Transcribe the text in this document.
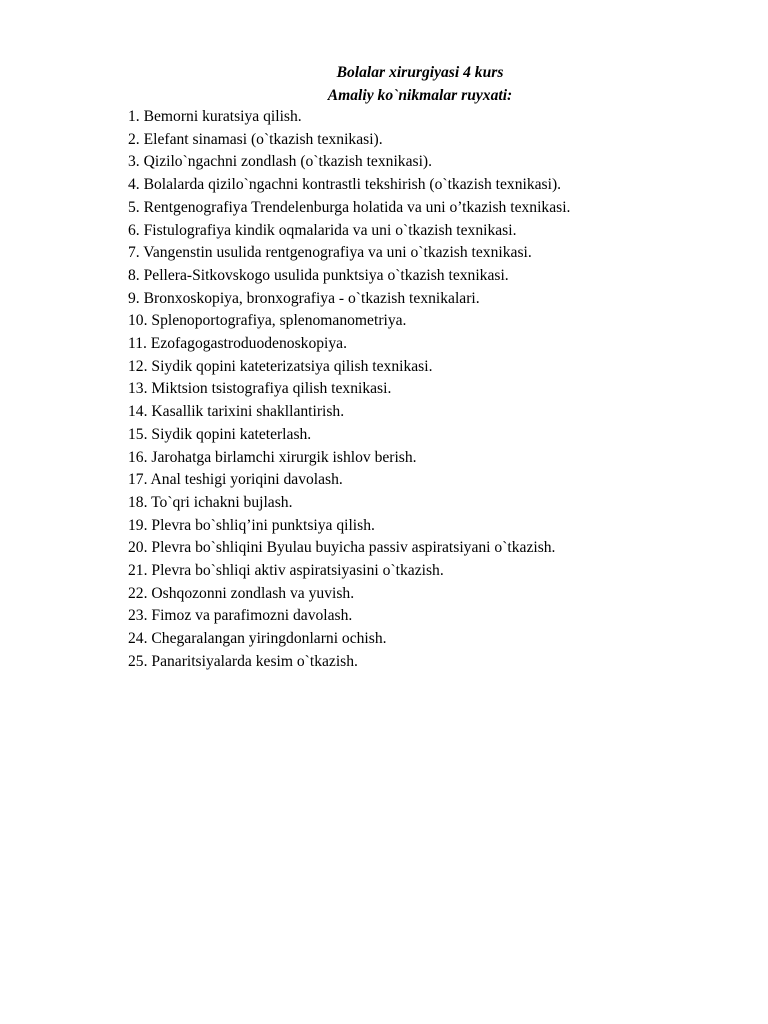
Bolalar xirurgiyasi 4 kurs
Amaliy ko`nikmalar ruyxati:
1. Bemorni kuratsiya qilish.
2. Elefant sinamasi (o`tkazish texnikasi).
3. Qizilo`ngachni zondlash (o`tkazish texnikasi).
4. Bolalarda qizilo`ngachni kontrastli tekshirish (o`tkazish texnikasi).
5. Rentgenografiya Trendelenburga holatida va uni o’tkazish texnikasi.
6. Fistulografiya kindik oqmalarida va uni o`tkazish texnikasi.
7. Vangenstin usulida rentgenografiya va uni o`tkazish texnikasi.
8. Pellera-Sitkovskogo usulida punktsiya o`tkazish texnikasi.
9. Bronxoskopiya, bronxografiya - o`tkazish texnikalari.
10. Splenoportografiya, splenomanometriya.
11. Ezofagogastroduodenoskopiya.
12. Siydik qopini kateterizatsiya qilish texnikasi.
13. Miktsion tsistografiya qilish texnikasi.
14. Kasallik tarixini shakllantirish.
15. Siydik qopini kateterlash.
16. Jarohatga birlamchi xirurgik ishlov berish.
17. Anal teshigi yoriqini davolash.
18. To`qri ichakni bujlash.
19. Plevra bo`shliq’ini punktsiya qilish.
20. Plevra bo`shliqini Byulau buyicha passiv aspiratsiyani o`tkazish.
21. Plevra bo`shliqi aktiv aspiratsiyasini o`tkazish.
22. Oshqozonni zondlash va yuvish.
23. Fimoz va parafimozni davolash.
24. Chegaralangan yiringdonlarni ochish.
25. Panaritsiyalarda kesim o`tkazish.
